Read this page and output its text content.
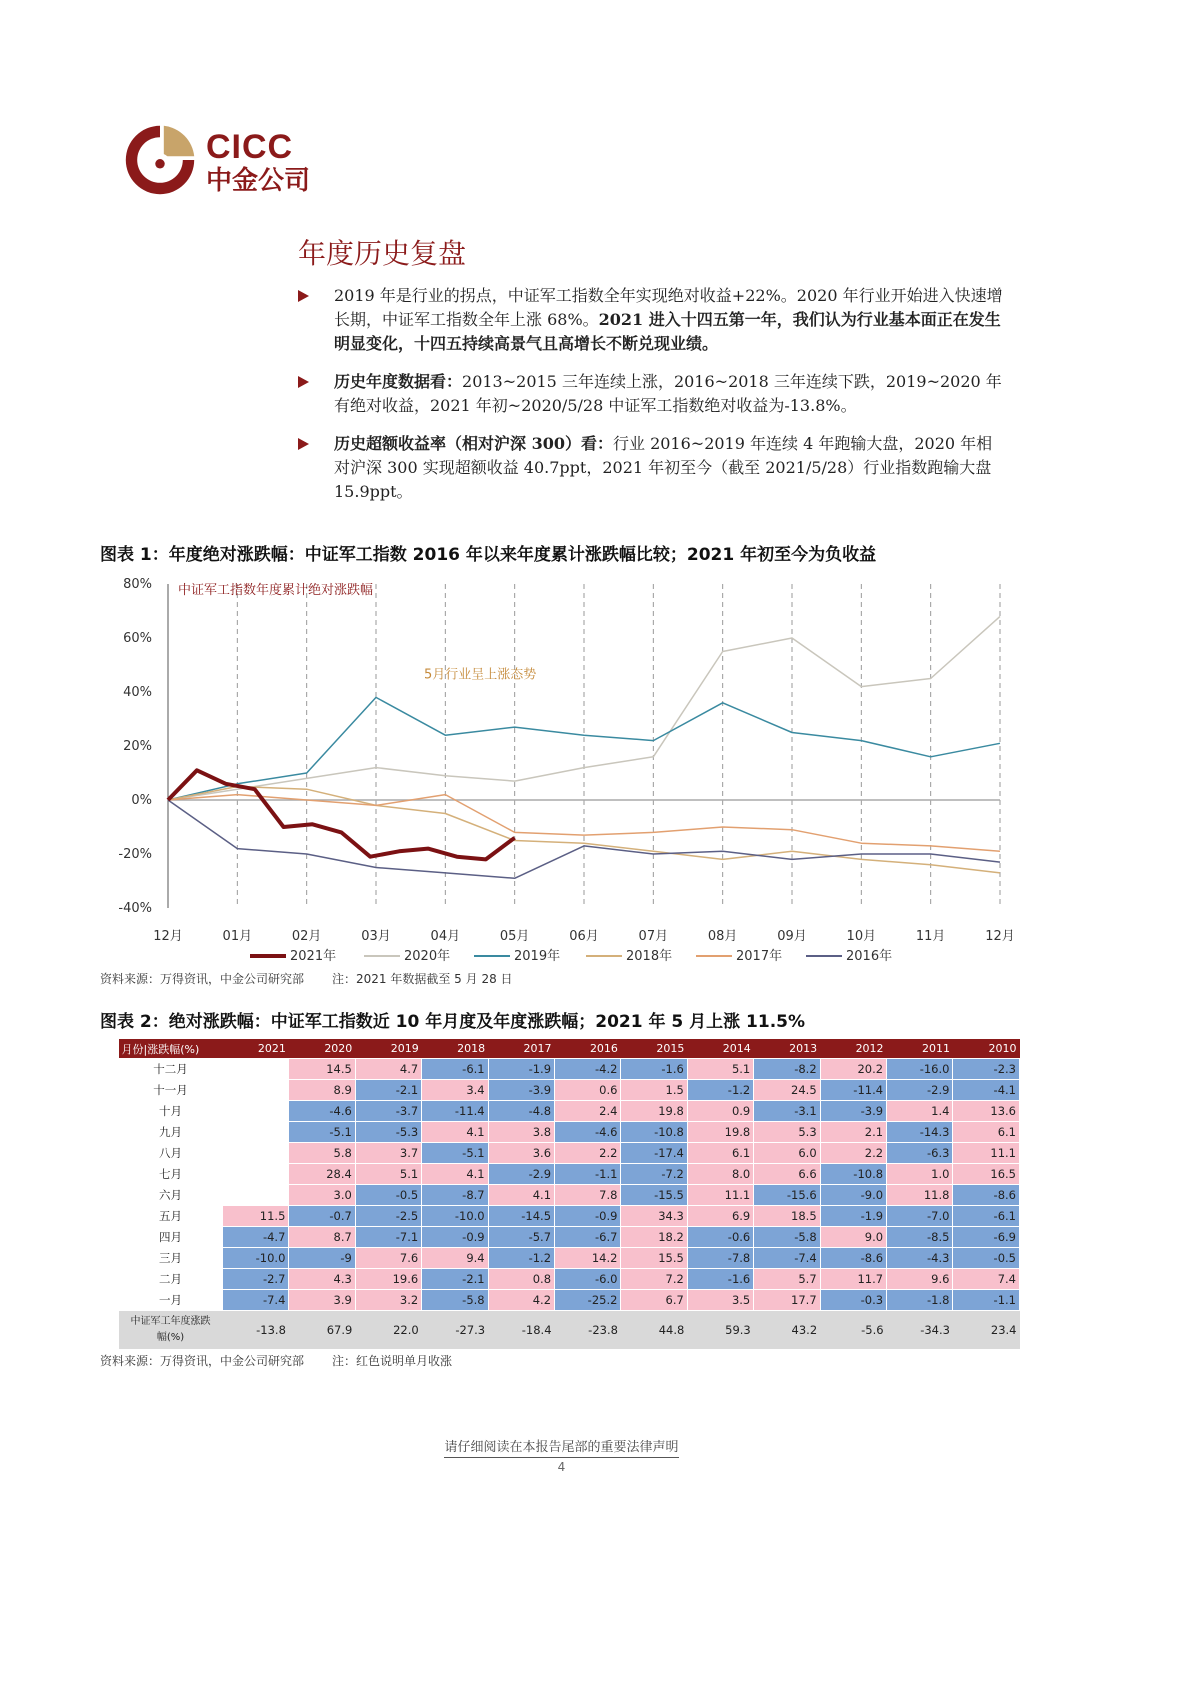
CICC
中金公司
年度历史复盘
2019 年是行业的拐点，中证军工指数全年实现绝对收益+22%。2020 年行业开始进入快速增长期，中证军工指数全年上涨 68%。2021 进入十四五第一年，我们认为行业基本面正在发生明显变化，十四五持续高景气且高增长不断兑现业绩。
历史年度数据看：2013~2015 三年连续上涨，2016~2018 三年连续下跌，2019~2020 年有绝对收益，2021 年初~2020/5/28 中证军工指数绝对收益为-13.8%。
历史超额收益率（相对沪深 300）看：行业 2016~2019 年连续 4 年跑输大盘，2020 年相对沪深 300 实现超额收益 40.7ppt，2021 年初至今（截至 2021/5/28）行业指数跑输大盘 15.9ppt。
图表 1：年度绝对涨跌幅：中证军工指数 2016 年以来年度累计涨跌幅比较；2021 年初至今为负收益
80%
60%
40%
20%
0%
-20%
-40%
12月	01月	02月	03月	04月	05月	06月	07月	08月	09月	10月	11月	12月
中证军工指数年度累计绝对涨跌幅
5月行业呈上涨态势
2021年	2020年	2019年	2018年	2017年	2016年
资料来源：万得资讯，中金公司研究部 注：2021 年数据截至 5 月 28 日
图表 2：绝对涨跌幅：中证军工指数近 10 年月度及年度涨跌幅；2021 年 5 月上涨 11.5%
月份|涨跌幅(%)	2021	2020	2019	2018	2017	2016	2015	2014	2013	2012	2011	2010
十二月		14.5	4.7	-6.1	-1.9	-4.2	-1.6	5.1	-8.2	20.2	-16.0	-2.3
十一月		8.9	-2.1	3.4	-3.9	0.6	1.5	-1.2	24.5	-11.4	-2.9	-4.1
十月		-4.6	-3.7	-11.4	-4.8	2.4	19.8	0.9	-3.1	-3.9	1.4	13.6
九月		-5.1	-5.3	4.1	3.8	-4.6	-10.8	19.8	5.3	2.1	-14.3	6.1
八月		5.8	3.7	-5.1	3.6	2.2	-17.4	6.1	6.0	2.2	-6.3	11.1
七月		28.4	5.1	4.1	-2.9	-1.1	-7.2	8.0	6.6	-10.8	1.0	16.5
六月		3.0	-0.5	-8.7	4.1	7.8	-15.5	11.1	-15.6	-9.0	11.8	-8.6
五月	11.5	-0.7	-2.5	-10.0	-14.5	-0.9	34.3	6.9	18.5	-1.9	-7.0	-6.1
四月	-4.7	8.7	-7.1	-0.9	-5.7	-6.7	18.2	-0.6	-5.8	9.0	-8.5	-6.9
三月	-10.0	-9	7.6	9.4	-1.2	14.2	15.5	-7.8	-7.4	-8.6	-4.3	-0.5
二月	-2.7	4.3	19.6	-2.1	0.8	-6.0	7.2	-1.6	5.7	11.7	9.6	7.4
一月	-7.4	3.9	3.2	-5.8	4.2	-25.2	6.7	3.5	17.7	-0.3	-1.8	-1.1

中证军工年度涨跌
幅(%)	-13.8	67.9	22.0	-27.3	-18.4	-23.8	44.8	59.3	43.2	-5.6	-34.3	23.4
资料来源：万得资讯，中金公司研究部 注：红色说明单月收涨
请仔细阅读在本报告尾部的重要法律声明
4
